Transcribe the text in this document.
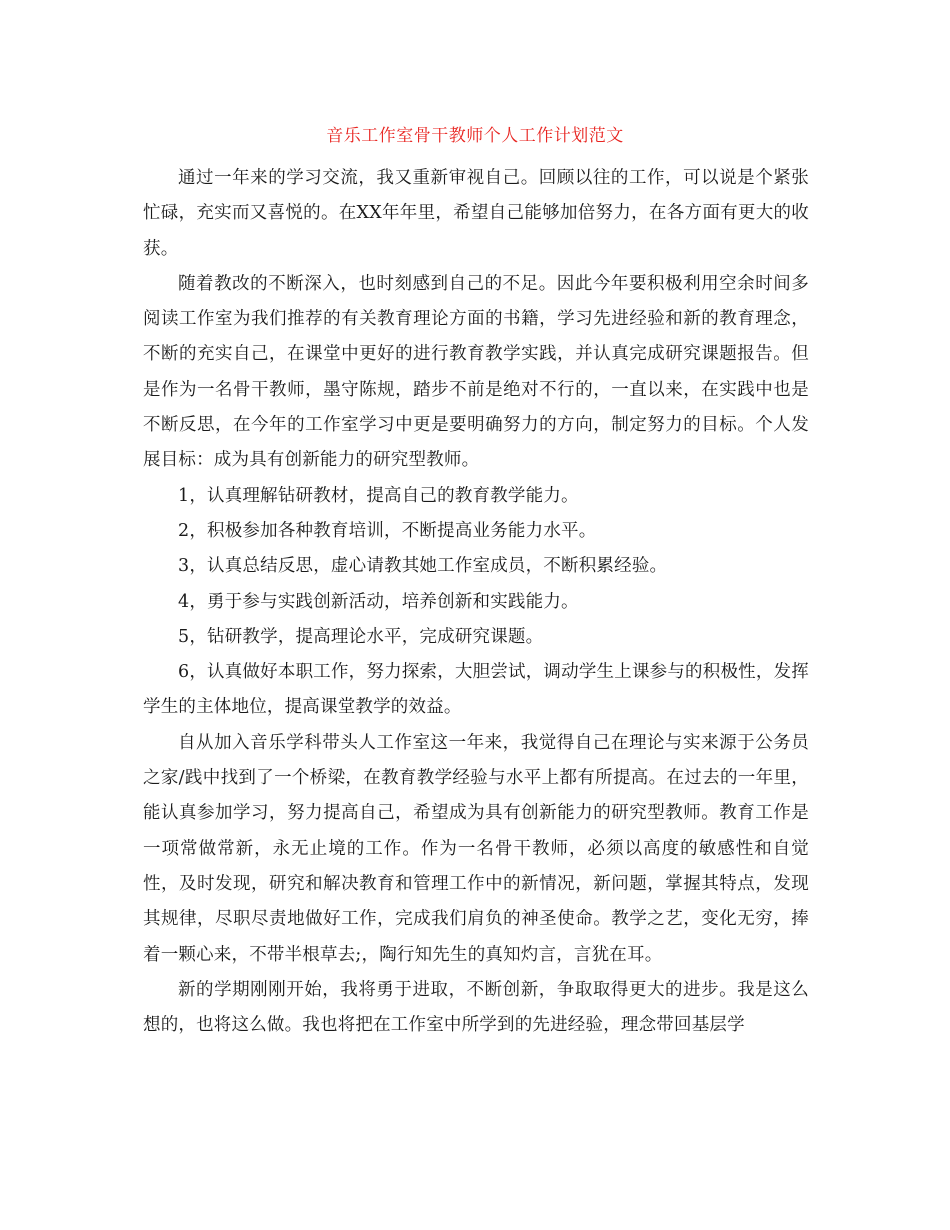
音乐工作室骨干教师个人工作计划范文

通过一年来的学习交流，我又重新审视自己。回顾以往的工作，可以说是个紧张忙碌，充实而又喜悦的。在XX年年里，希望自己能够加倍努力，在各方面有更大的收获。

随着教改的不断深入，也时刻感到自己的不足。因此今年要积极利用空余时间多阅读工作室为我们推荐的有关教育理论方面的书籍，学习先进经验和新的教育理念，不断的充实自己，在课堂中更好的进行教育教学实践，并认真完成研究课题报告。但是作为一名骨干教师，墨守陈规，踏步不前是绝对不行的，一直以来，在实践中也是不断反思，在今年的工作室学习中更是要明确努力的方向，制定努力的目标。个人发展目标：成为具有创新能力的研究型教师。

1，认真理解钻研教材，提高自己的教育教学能力。

2，积极参加各种教育培训，不断提高业务能力水平。

3，认真总结反思，虚心请教其她工作室成员，不断积累经验。

4，勇于参与实践创新活动，培养创新和实践能力。

5，钻研教学，提高理论水平，完成研究课题。

6，认真做好本职工作，努力探索，大胆尝试，调动学生上课参与的积极性，发挥学生的主体地位，提高课堂教学的效益。

自从加入音乐学科带头人工作室这一年来，我觉得自己在理论与实来源于公务员之家/践中找到了一个桥梁，在教育教学经验与水平上都有所提高。在过去的一年里，能认真参加学习，努力提高自己，希望成为具有创新能力的研究型教师。教育工作是一项常做常新，永无止境的工作。作为一名骨干教师，必须以高度的敏感性和自觉性，及时发现，研究和解决教育和管理工作中的新情况，新问题，掌握其特点，发现其规律，尽职尽责地做好工作，完成我们肩负的神圣使命。教学之艺，变化无穷，捧着一颗心来，不带半根草去;，陶行知先生的真知灼言，言犹在耳。

新的学期刚刚开始，我将勇于进取，不断创新，争取取得更大的进步。我是这么想的，也将这么做。我也将把在工作室中所学到的先进经验，理念带回基层学
